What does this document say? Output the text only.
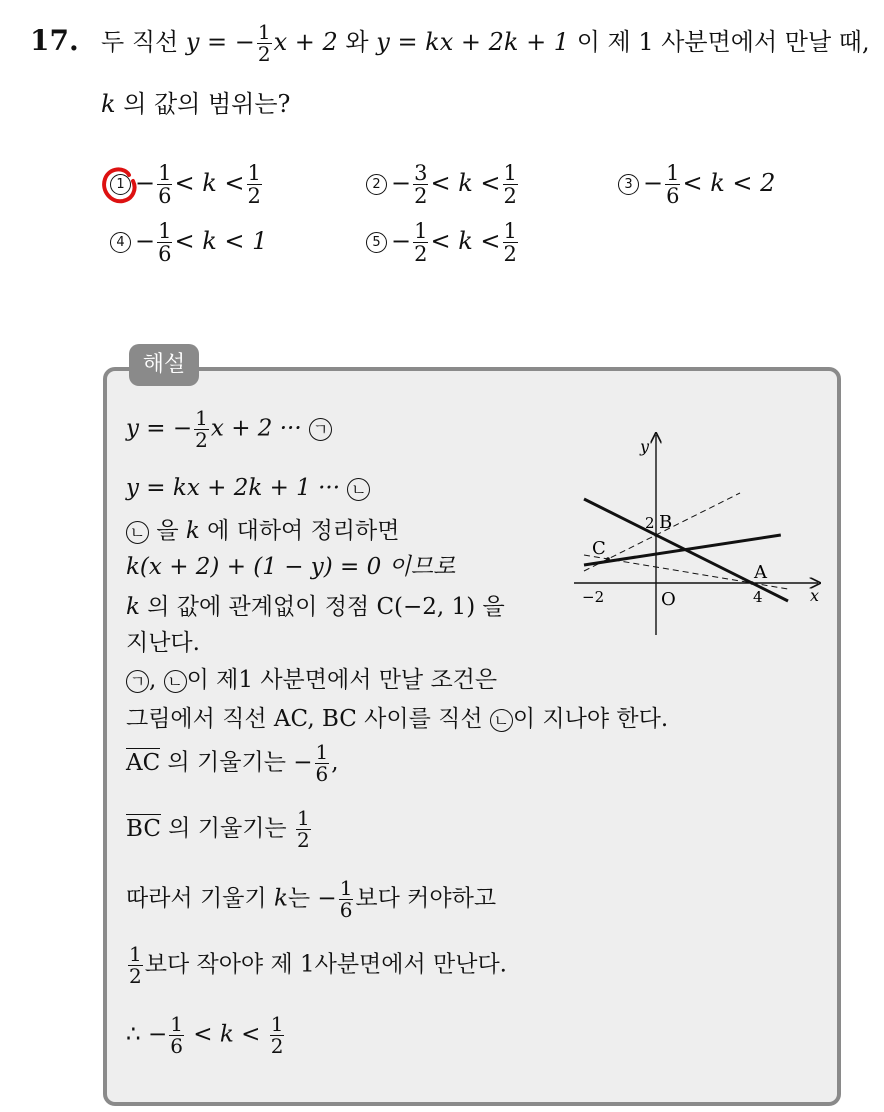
17. 두 직선 y = − $\frac{1}{2}$ x + 2 와 y = kx + 2k + 1 이 제 1 사분면에서 만날 때,
k 의 값의 범위는?
$1 - \frac{1}{6} < k < \frac{1}{2}$	$2 - \frac{3}{2} < k < \frac{1}{2}$	$3 - \frac{1}{6} < k < 2$
$4 - \frac{1}{6} < k < 1$	$5 - \frac{1}{2} < k < \frac{1}{2}$
해설
y = − $\frac{1}{2}$ x + 2 ··· ㄱ
y = kx + 2k + 1 ··· ㄴ
ㄴ 을 k 에 대하여 정리하면
k(x + 2) + (1 − y) = 0 이므로
k 의 값에 관계없이 정점 C(−2, 1) 을
지난다.
ㄱ , ㄴ 이 제1 사분면에서 만날 조건은
그림에서 직선 AC, BC 사이를 직선 ㄴ 이 지나야 한다.
AC 의 기울기는 − $\frac{1}{6}$ ,
BC 의 기울기는 $\frac{1}{2}$
따라서 기울기 k는 − $\frac{1}{6}$ 보다 커야하고
$\frac{1}{2}$ 보다 작아야 제 1사분면에서 만난다.
∴ − $\frac{1}{6} < k < \frac{1}{2}$
y
x
O
−2	4
2 B
C
A
